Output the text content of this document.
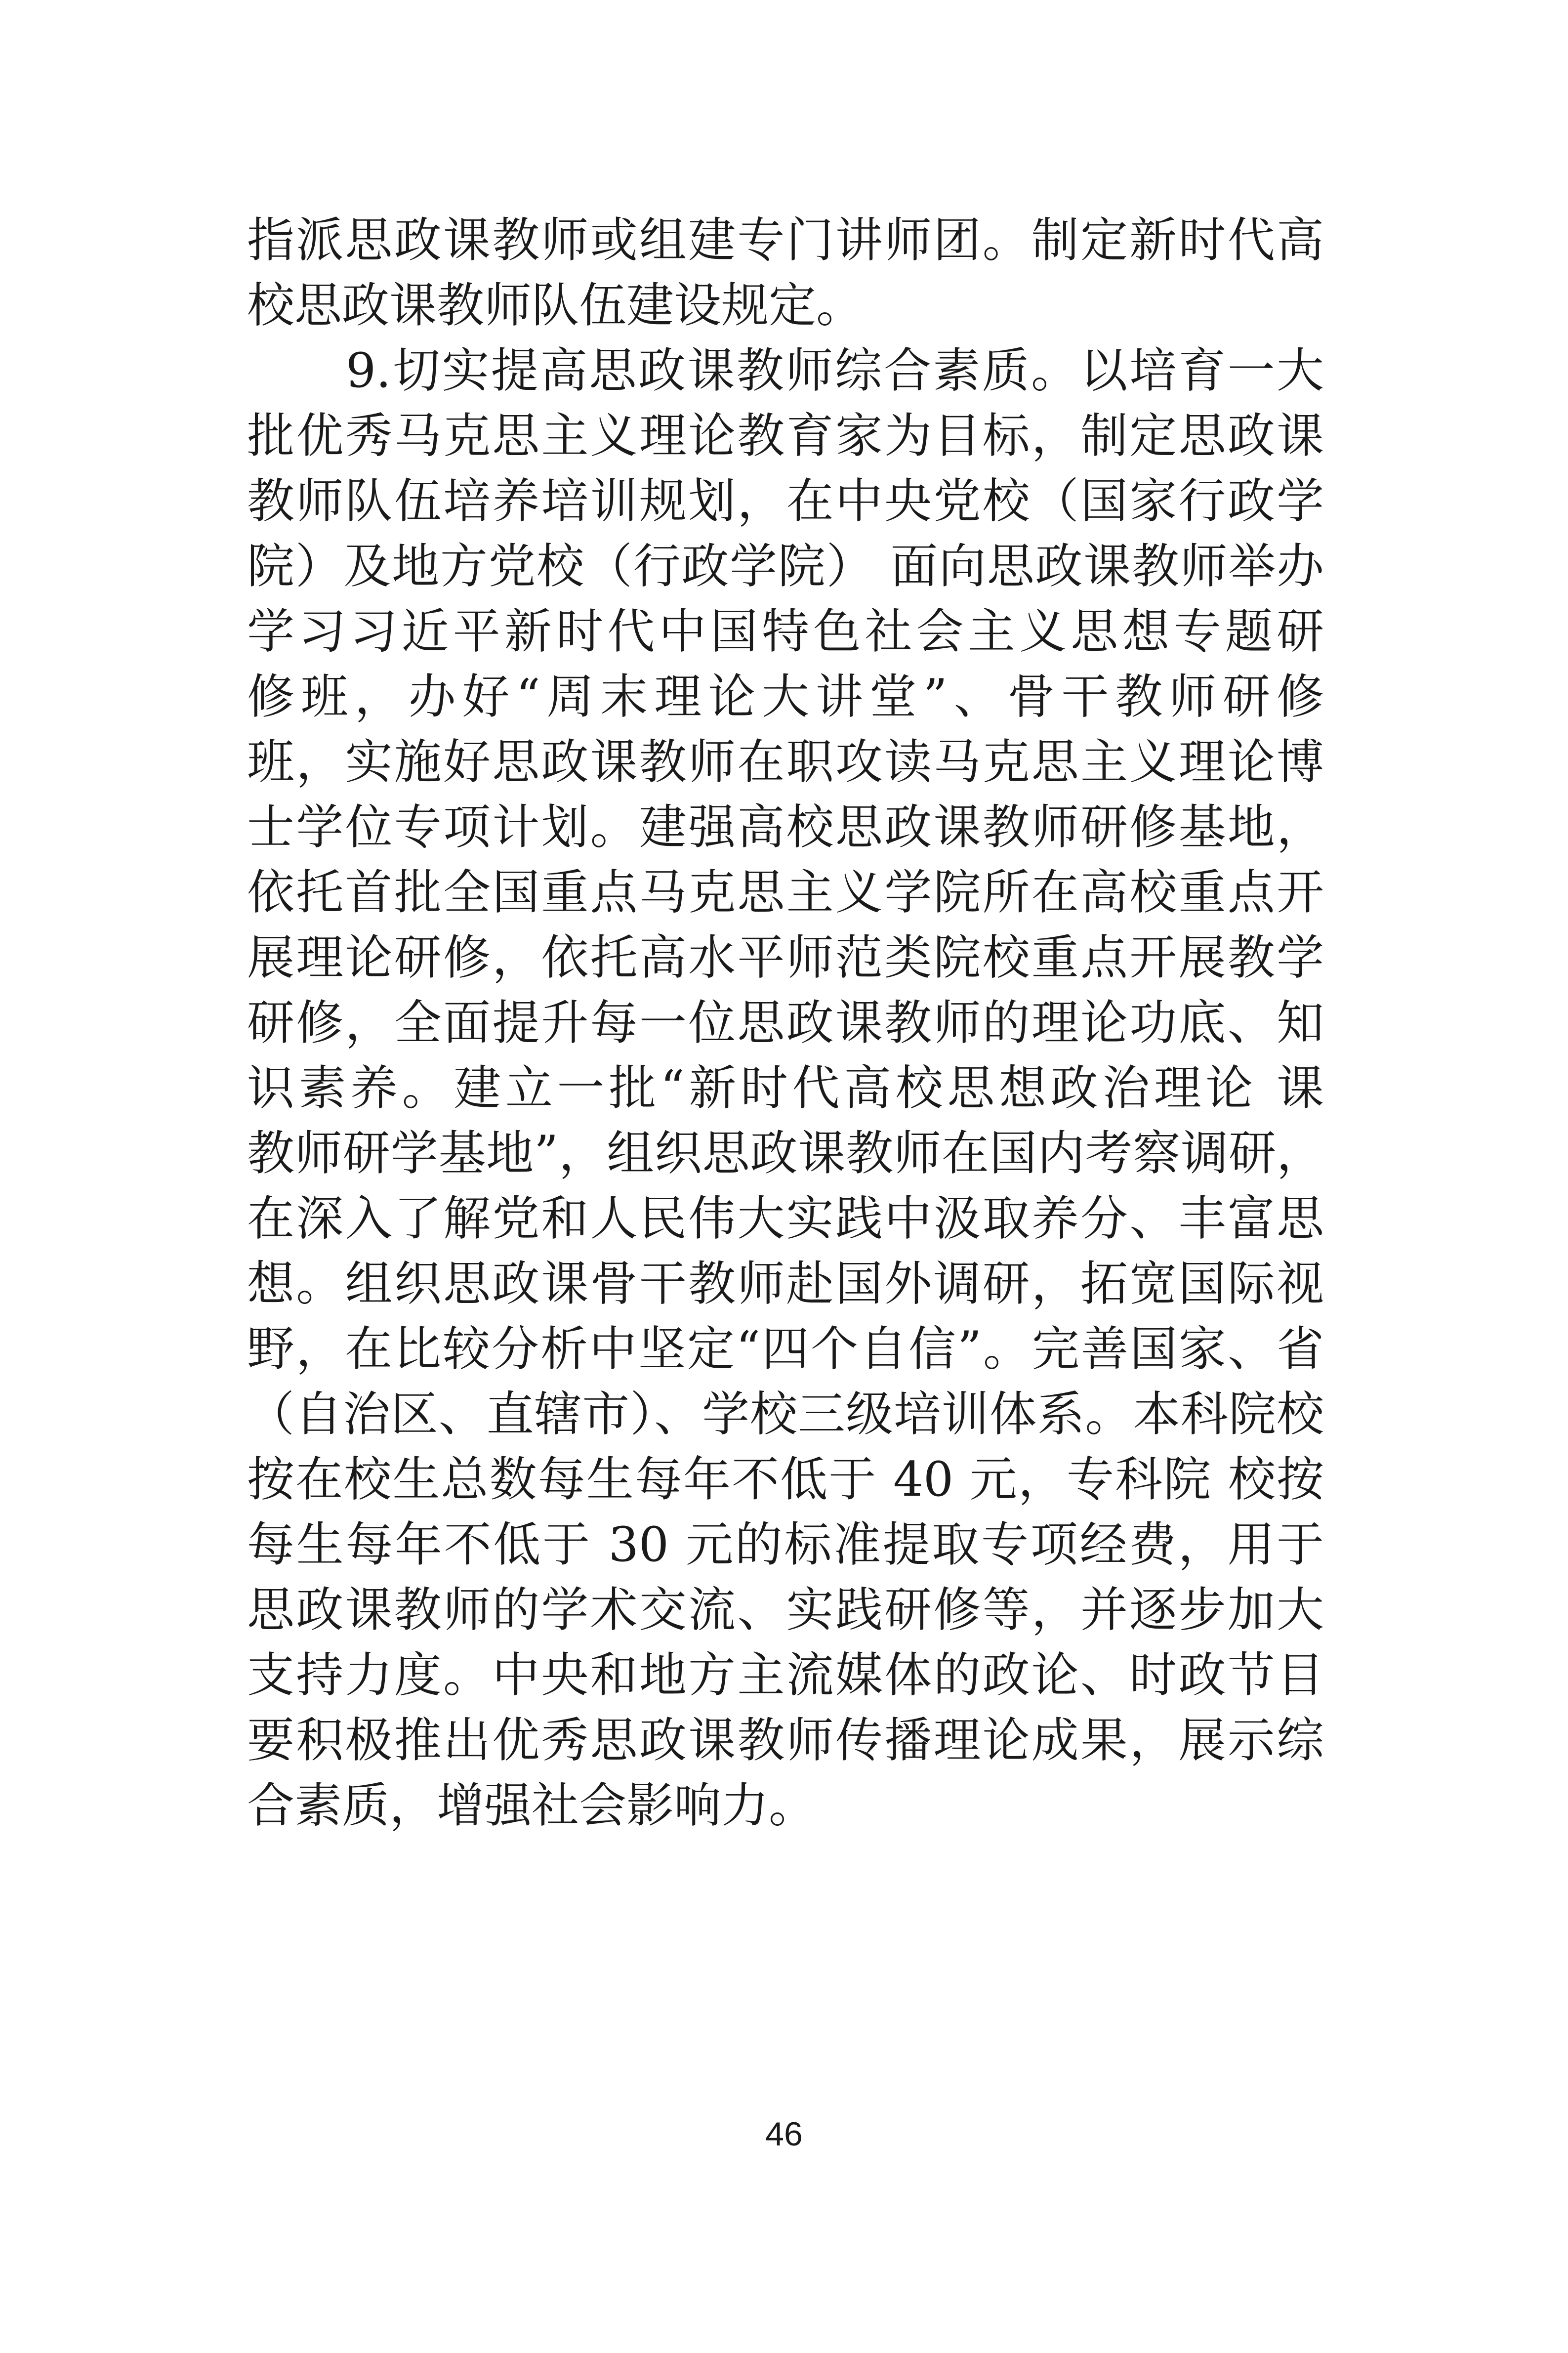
指派思政课教师或组建专门讲师团。制定新时代高
校思政课教师队伍建设规定。
9.切实提高思政课教师综合素质。以培育一大
批优秀马克思主义理论教育家为目标，制定思政课
教师队伍培养培训规划，在中央党校（国家行政学
院）及地方党校（行政学院） 面向思政课教师举办
学习习近平新时代中国特色社会主义思想专题研
修班，办好“周末理论大讲堂”、骨干教师研修
班，实施好思政课教师在职攻读马克思主义理论博
士学位专项计划。建强高校思政课教师研修基地，
依托首批全国重点马克思主义学院所在高校重点开
展理论研修，依托高水平师范类院校重点开展教学
研修，全面提升每一位思政课教师的理论功底、知
识素养。建立一批“新时代高校思想政治理论 课
教师研学基地”，组织思政课教师在国内考察调研，
在深入了解党和人民伟大实践中汲取养分、丰富思
想。组织思政课骨干教师赴国外调研，拓宽国际视
野，在比较分析中坚定“四个自信”。完善国家、省
（自治区、直辖市）、学校三级培训体系。本科院校
按在校生总数每生每年不低于 40 元，专科院 校按
每生每年不低于 30 元的标准提取专项经费，用于
思政课教师的学术交流、实践研修等，并逐步加大
支持力度。中央和地方主流媒体的政论、时政节目
要积极推出优秀思政课教师传播理论成果，展示综
合素质，增强社会影响力。
46
